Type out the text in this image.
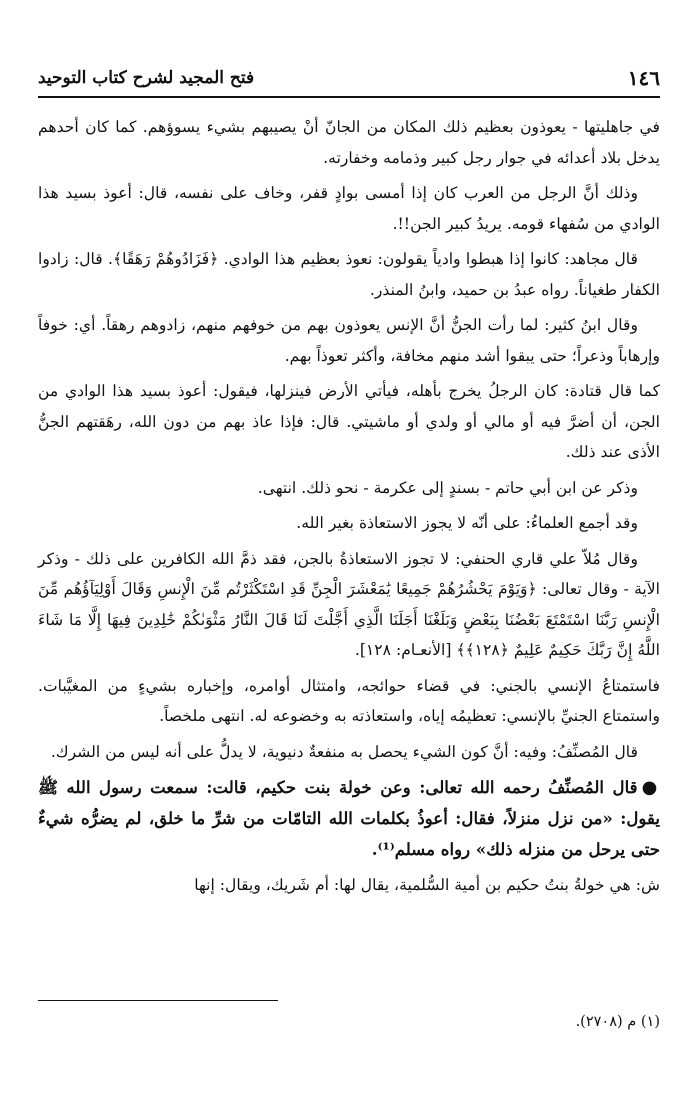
١٤٦
فتح المجيد لشرح كتاب التوحيد

في جاهليتها - يعوذون بعظيم ذلك المكان من الجانّ أنْ يصيبهم بشيء يسوؤهم. كما كان أحدهم يدخل بلاد أعدائه في جوار رجل كبير وذمامه وخفارته.

وذلك أنَّ الرجل من العرب كان إذا أمسى بوادٍ قفر، وخاف على نفسه، قال: أعوذ بسيد هذا الوادي من سُفهاء قومه. يريدُ كبير الجن!!.

قال مجاهد: كانوا إذا هبطوا وادياً يقولون: نعوذ بعظيم هذا الوادي. ﴿فَزَادُوهُمْ رَهَقًا﴾. قال: زادوا الكفار طغياناً. رواه عبدُ بن حميد، وابنُ المنذر.

وقال ابنُ كثير: لما رأت الجنُّ أنَّ الإنس يعوذون بهم من خوفهم منهم، زادوهم رهقاً. أي: خوفاً وإرهاباً وذعراً؛ حتى يبقوا أشد منهم مخافة، وأكثر تعوذاً بهم.

كما قال قتادة: كان الرجلُ يخرج بأهله، فيأتي الأرض فينزلها، فيقول: أعوذ بسيد هذا الوادي من الجن، أن أضرَّ فيه أو مالي أو ولدي أو ماشيتي. قال: فإذا عاذ بهم من دون الله، رهَقتهم الجنُّ الأذى عند ذلك.

وذكر عن ابن أبي حاتم - بسندٍ إلى عكرمة - نحو ذلك. انتهى.

وقد أجمع العلماءُ: على أنّه لا يجوز الاستعاذة بغير الله.

وقال مُلاّ علي قاري الحنفي: لا تجوز الاستعاذةُ بالجن، فقد ذمَّ الله الكافرين على ذلك - وذكر الآية - وقال تعالى: ﴿وَيَوْمَ يَحْشُرُهُمْ جَمِيعًا يَٰمَعْشَرَ الْجِنِّ قَدِ اسْتَكْثَرْتُم مِّنَ الْإِنسِ وَقَالَ أَوْلِيَآؤُهُم مِّنَ الْإِنسِ رَبَّنَا اسْتَمْتَعَ بَعْضُنَا بِبَعْضٍ وَبَلَغْنَا أَجَلَنَا الَّذِي أَجَّلْتَ لَنَا قَالَ النَّارُ مَثْوَىٰكُمْ خَٰلِدِينَ فِيهَا إِلَّا مَا شَاءَ اللَّهُ إِنَّ رَبَّكَ حَكِيمٌ عَلِيمٌ ﴿١٢٨﴾﴾ [الأنعـام: ١٢٨].

فاستمتاعُ الإنسي بالجني: في قضاء حوائجه، وامتثال أوامره، وإخباره بشيءٍ من المغيَّبات. واستمتاع الجنيِّ بالإنسي: تعظيمُه إياه، واستعاذته به وخضوعه له. انتهى ملخصاً.

قال المُصنِّفُ: وفيه: أنَّ كون الشيء يحصل به منفعةٌ دنيوية، لا يدلُّ على أنه ليس من الشرك.

●قال المُصنِّفُ رحمه الله تعالى: وعن خولة بنت حكيم، قالت: سمعت رسول الله ﷺ يقول: «من نزل منزلاً، فقال: أعوذُ بكلمات الله التامّات من شرِّ ما خلق، لم يضرُّه شيءٌ حتى يرحل من منزله ذلك» رواه مسلم⁽¹⁾.

ش: هي خولةُ بنتُ حكيم بن أمية السُّلمية، يقال لها: أم شَريك، ويقال: إنها

(١) م (٢٧٠٨).
